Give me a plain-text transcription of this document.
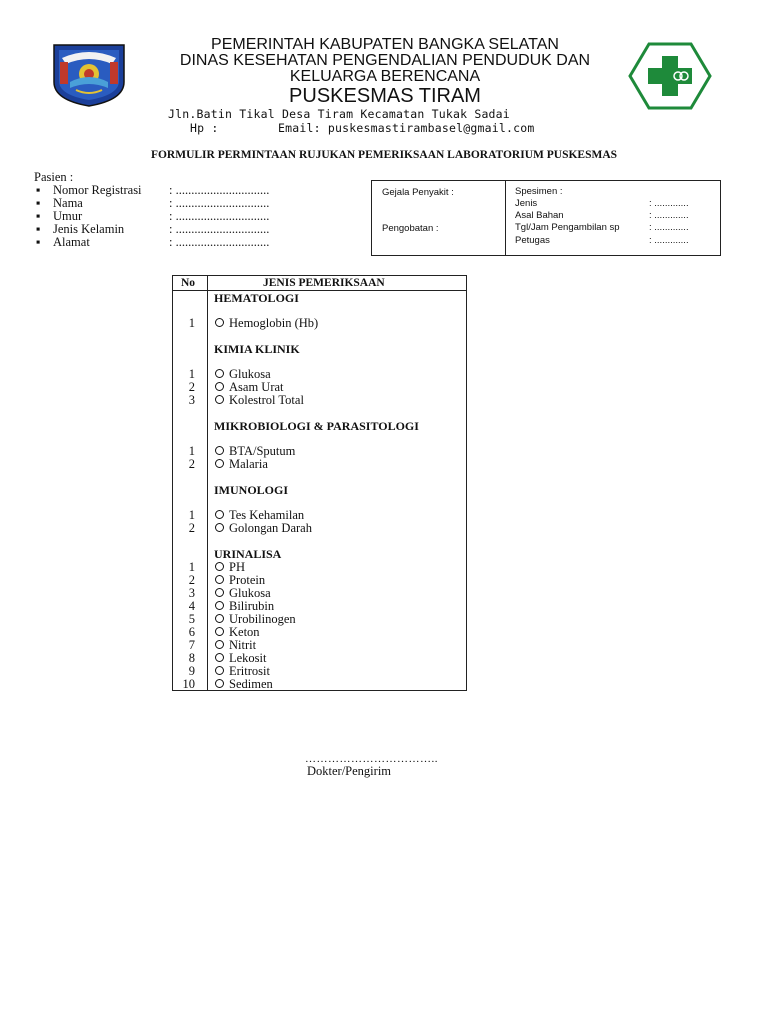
PEMERINTAH KABUPATEN BANGKA SELATAN
DINAS KESEHATAN PENGENDALIAN PENDUDUK DAN
KELUARGA BERENCANA
PUSKESMAS TIRAM
Jln.Batin Tikal Desa Tiram Kecamatan Tukak Sadai
Hp :	Email: puskesmastirambasel@gmail.com
FORMULIR PERMINTAAN RUJUKAN PEMERIKSAAN LABORATORIUM PUSKESMAS
Pasien :
▪ Nomor Registrasi : ..............................
▪ Nama	: ..............................
▪ Umur	: ..............................
▪ Jenis Kelamin	: ..............................
▪ Alamat	: ..............................
Gejala Penyakit :
Pengobatan :
Spesimen :
Jenis	: .............
Asal Bahan	: .............
Tgl/Jam Pengambilan sp	: .............
Petugas	: .............
No	JENIS PEMERIKSAAN
HEMATOLOGI
1	Hemoglobin (Hb)
KIMIA KLINIK
1	Glukosa
2	Asam Urat
3	Kolestrol Total
MIKROBIOLOGI & PARASITOLOGI
1	BTA/Sputum
2	Malaria
IMUNOLOGI
1	Tes Kehamilan
2	Golongan Darah
URINALISA
1	PH
2	Protein
3	Glukosa
4	Bilirubin
5	Urobilinogen
6	Keton
7	Nitrit
8	Lekosit
9	Eritrosit
10	Sedimen
……………………………..
Dokter/Pengirim
